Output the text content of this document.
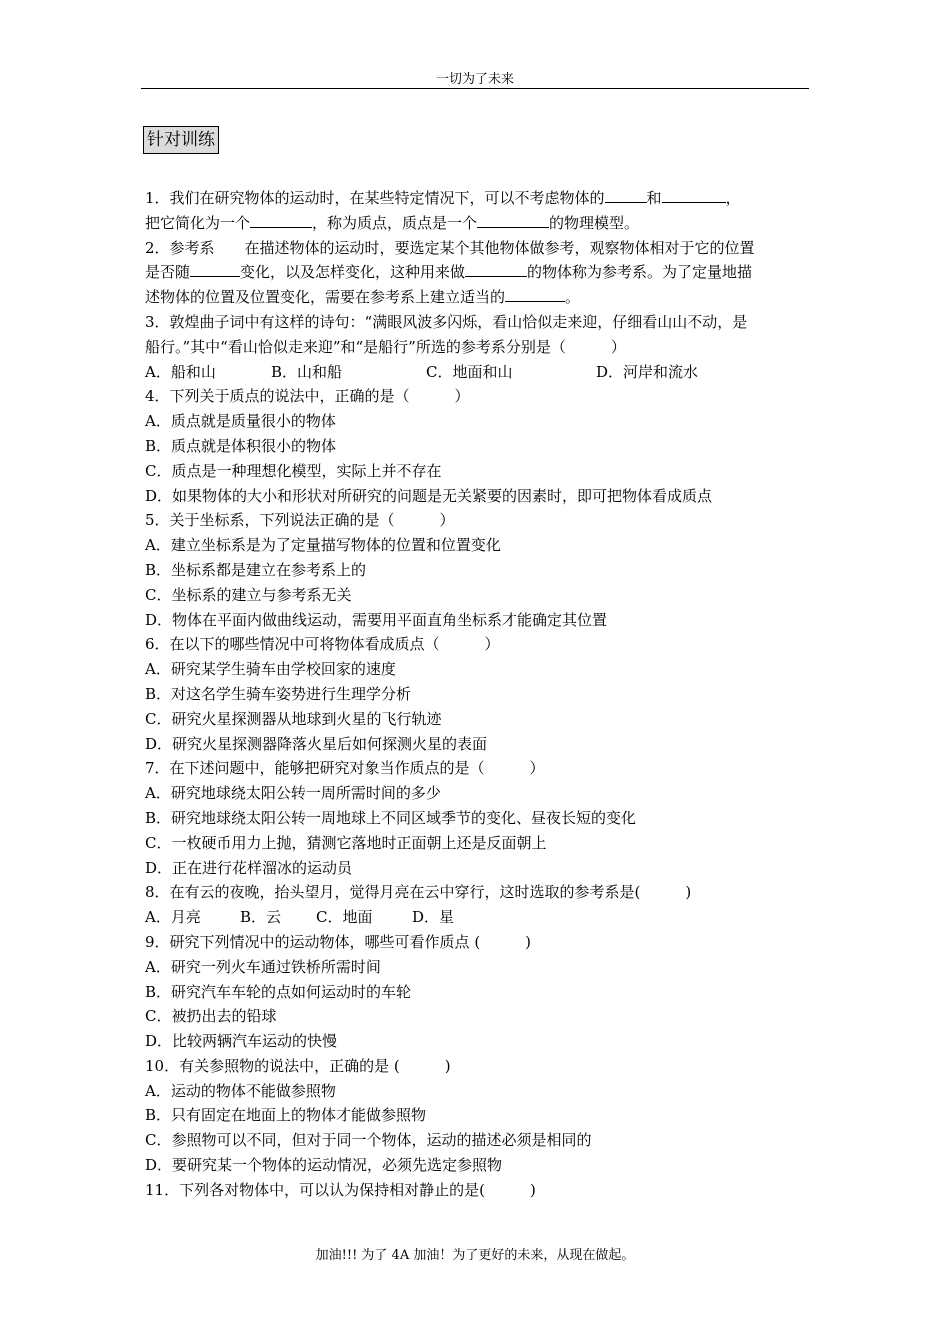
一切为了未来
针对训练
1．我们在研究物体的运动时，在某些特定情况下，可以不考虑物体的	和	，
把它简化为一个	，称为质点，质点是一个	的物理模型。
2．参考系　　在描述物体的运动时，要选定某个其他物体做参考，观察物体相对于它的位置
是否随	变化，以及怎样变化，这种用来做	的物体称为参考系。为了定量地描
述物体的位置及位置变化，需要在参考系上建立适当的	。
3．敦煌曲子词中有这样的诗句：“满眼风波多闪烁，看山恰似走来迎，仔细看山山不动，是
船行。”其中“看山恰似走来迎”和“是船行”所选的参考系分别是（　　　）
A．船和山	B．山和船	C．地面和山	D．河岸和流水
4．下列关于质点的说法中，正确的是（　　　）
A．质点就是质量很小的物体
B．质点就是体积很小的物体
C．质点是一种理想化模型，实际上并不存在
D．如果物体的大小和形状对所研究的问题是无关紧要的因素时，即可把物体看成质点
5．关于坐标系，下列说法正确的是（　　　）
A．建立坐标系是为了定量描写物体的位置和位置变化
B．坐标系都是建立在参考系上的
C．坐标系的建立与参考系无关
D．物体在平面内做曲线运动，需要用平面直角坐标系才能确定其位置
6．在以下的哪些情况中可将物体看成质点（　　　）
A．研究某学生骑车由学校回家的速度
B．对这名学生骑车姿势进行生理学分析
C．研究火星探测器从地球到火星的飞行轨迹
D．研究火星探测器降落火星后如何探测火星的表面
7．在下述问题中，能够把研究对象当作质点的是（　　　）
A．研究地球绕太阳公转一周所需时间的多少
B．研究地球绕太阳公转一周地球上不同区域季节的变化、昼夜长短的变化
C．一枚硬币用力上抛，猜测它落地时正面朝上还是反面朝上
D．正在进行花样溜冰的运动员
8．在有云的夜晚，抬头望月，觉得月亮在云中穿行，这时选取的参考系是(　　　)
A．月亮	B．云 C．地面	D．星
9．研究下列情况中的运动物体，哪些可看作质点 (　　　)
A．研究一列火车通过铁桥所需时间
B．研究汽车车轮的点如何运动时的车轮
C．被扔出去的铅球
D．比较两辆汽车运动的快慢
10．有关参照物的说法中，正确的是 (　　　)
A．运动的物体不能做参照物
B．只有固定在地面上的物体才能做参照物
C．参照物可以不同，但对于同一个物体，运动的描述必须是相同的
D．要研究某一个物体的运动情况，必须先选定参照物
11．下列各对物体中，可以认为保持相对静止的是(　　　)
加油!!! 为了 4A 加油！为了更好的未来，从现在做起。
